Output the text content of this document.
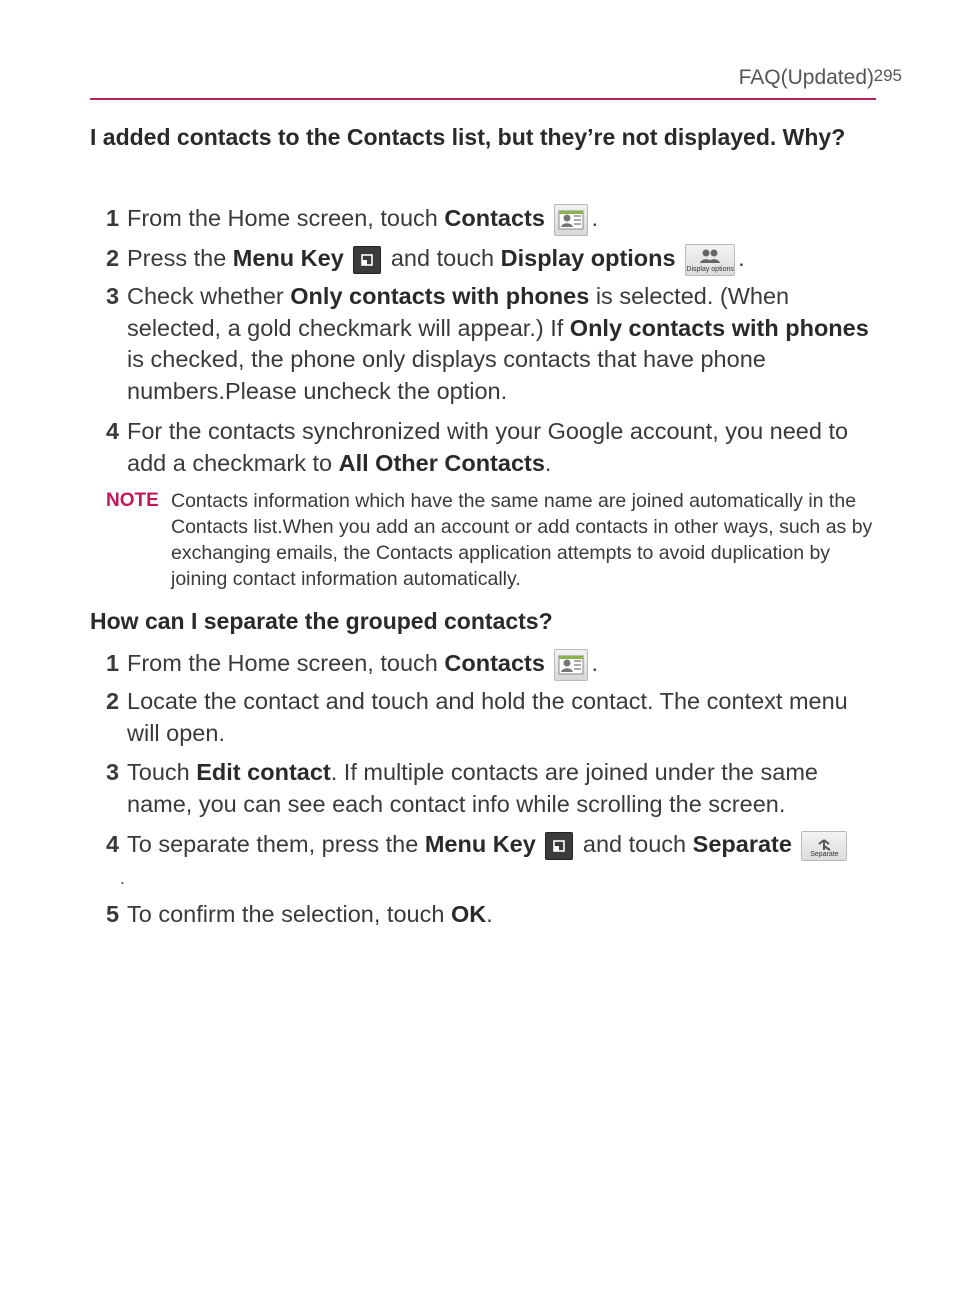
FAQ(Updated) 295
I added contacts to the Contacts list, but they’re not displayed. Why?
1 From the Home screen, touch Contacts .
2 Press the Menu Key
and touch Display options Display options .
3 Check whether Only contacts with phones is selected. (When selected, a gold checkmark will appear.) If Only contacts with phones is checked, the phone only displays contacts that have phone numbers.Please uncheck the option.
4 For the contacts synchronized with your Google account, you need to add a checkmark to All Other Contacts.
NOTE Contacts information which have the same name are joined automatically in the Contacts list.When you add an account or add contacts in other ways, such as by exchanging emails, the Contacts application attempts to avoid duplication by joining contact information automatically.
How can I separate the grouped contacts?
1 From the Home screen, touch Contacts .
2 Locate the contact and touch and hold the contact. The context menu will open.
3 Touch Edit contact. If multiple contacts are joined under the same name, you can see each contact info while scrolling the screen.
4 To separate them, press the Menu Key
and touch Separate	Separate
.
5 To confirm the selection, touch OK.
